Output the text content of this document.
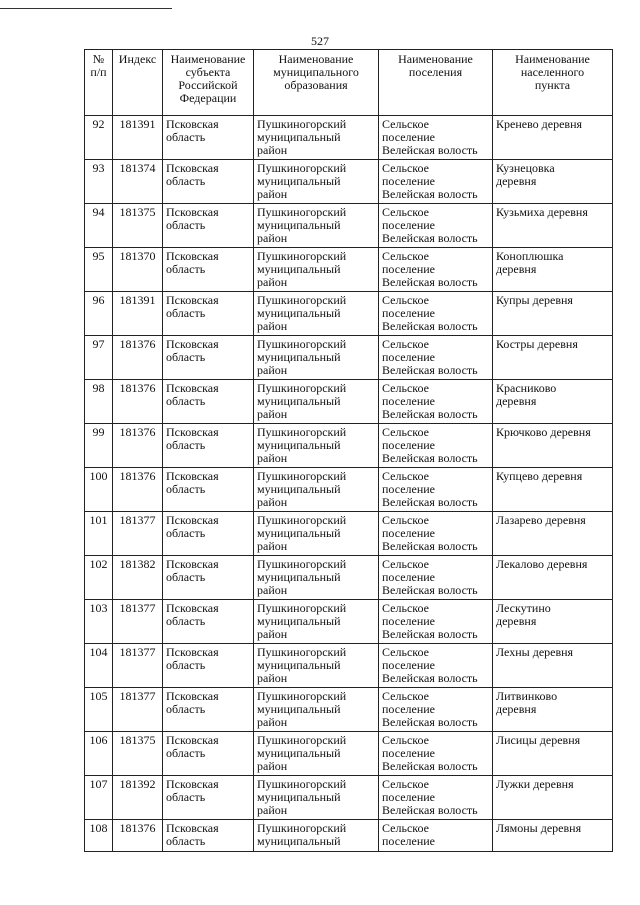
527
№
п/п	Индекс	Наименование
субъекта
Российской
Федерации	Наименование
муниципального
образования	Наименование
поселения	Наименование
населенного
пункта

92	181391	Псковская
область	Пушкиногорский
муниципальный
район	Сельское
поселение
Велейская волость	Кренево деревня

93	181374	Псковская
область	Пушкиногорский
муниципальный
район	Сельское
поселение
Велейская волость	Кузнецовка
деревня

94	181375	Псковская
область	Пушкиногорский
муниципальный
район	Сельское
поселение
Велейская волость	Кузьмиха деревня

95	181370	Псковская
область	Пушкиногорский
муниципальный
район	Сельское
поселение
Велейская волость	Коноплюшка
деревня

96	181391	Псковская
область	Пушкиногорский
муниципальный
район	Сельское
поселение
Велейская волость	Купры деревня

97	181376	Псковская
область	Пушкиногорский
муниципальный
район	Сельское
поселение
Велейская волость	Костры деревня

98	181376	Псковская
область	Пушкиногорский
муниципальный
район	Сельское
поселение
Велейская волость	Красниково
деревня

99	181376	Псковская
область	Пушкиногорский
муниципальный
район	Сельское
поселение
Велейская волость	Крючково деревня

100	181376	Псковская
область	Пушкиногорский
муниципальный
район	Сельское
поселение
Велейская волость	Купцево деревня

101	181377	Псковская
область	Пушкиногорский
муниципальный
район	Сельское
поселение
Велейская волость	Лазарево деревня

102	181382	Псковская
область	Пушкиногорский
муниципальный
район	Сельское
поселение
Велейская волость	Лекалово деревня

103	181377	Псковская
область	Пушкиногорский
муниципальный
район	Сельское
поселение
Велейская волость	Лескутино
деревня

104	181377	Псковская
область	Пушкиногорский
муниципальный
район	Сельское
поселение
Велейская волость	Лехны деревня

105	181377	Псковская
область	Пушкиногорский
муниципальный
район	Сельское
поселение
Велейская волость	Литвинково
деревня

106	181375	Псковская
область	Пушкиногорский
муниципальный
район	Сельское
поселение
Велейская волость	Лисицы деревня

107	181392	Псковская
область	Пушкиногорский
муниципальный
район	Сельское
поселение
Велейская волость	Лужки деревня

108	181376	Псковская
область	Пушкиногорский
муниципальный	Сельское
поселение	Лямоны деревня
